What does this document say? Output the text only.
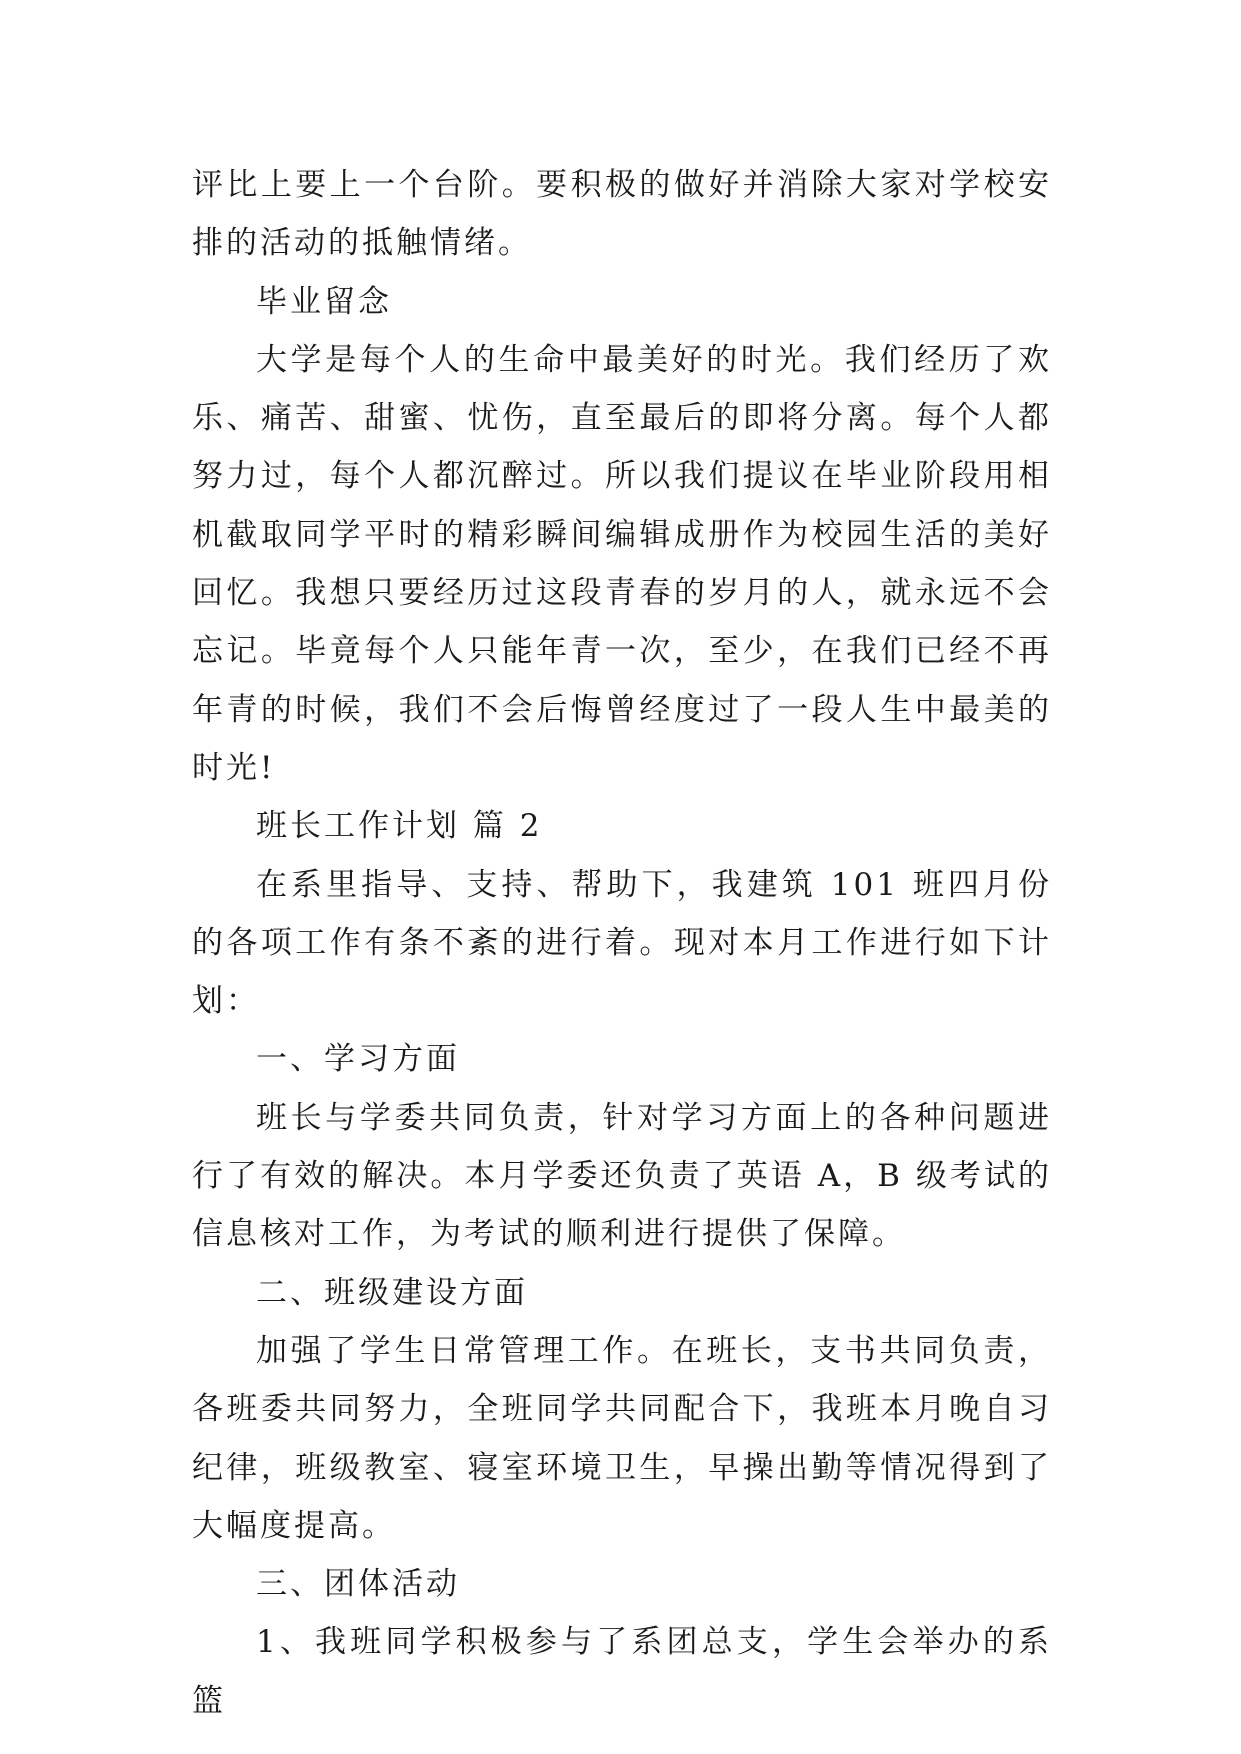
评比上要上一个台阶。要积极的做好并消除大家对学校安排的活动的抵触情绪。

毕业留念

大学是每个人的生命中最美好的时光。我们经历了欢乐、痛苦、甜蜜、忧伤，直至最后的即将分离。每个人都努力过，每个人都沉醉过。所以我们提议在毕业阶段用相机截取同学平时的精彩瞬间编辑成册作为校园生活的美好回忆。我想只要经历过这段青春的岁月的人，就永远不会忘记。毕竟每个人只能年青一次，至少，在我们已经不再年青的时候，我们不会后悔曾经度过了一段人生中最美的时光!

班长工作计划 篇 2

在系里指导、支持、帮助下，我建筑 101 班四月份的各项工作有条不紊的进行着。现对本月工作进行如下计划：

一、学习方面

班长与学委共同负责，针对学习方面上的各种问题进行了有效的解决。本月学委还负责了英语 A，B 级考试的信息核对工作，为考试的顺利进行提供了保障。

二、班级建设方面

加强了学生日常管理工作。在班长，支书共同负责，各班委共同努力，全班同学共同配合下，我班本月晚自习纪律，班级教室、寝室环境卫生，早操出勤等情况得到了大幅度提高。

三、团体活动

1、我班同学积极参与了系团总支，学生会举办的系篮
